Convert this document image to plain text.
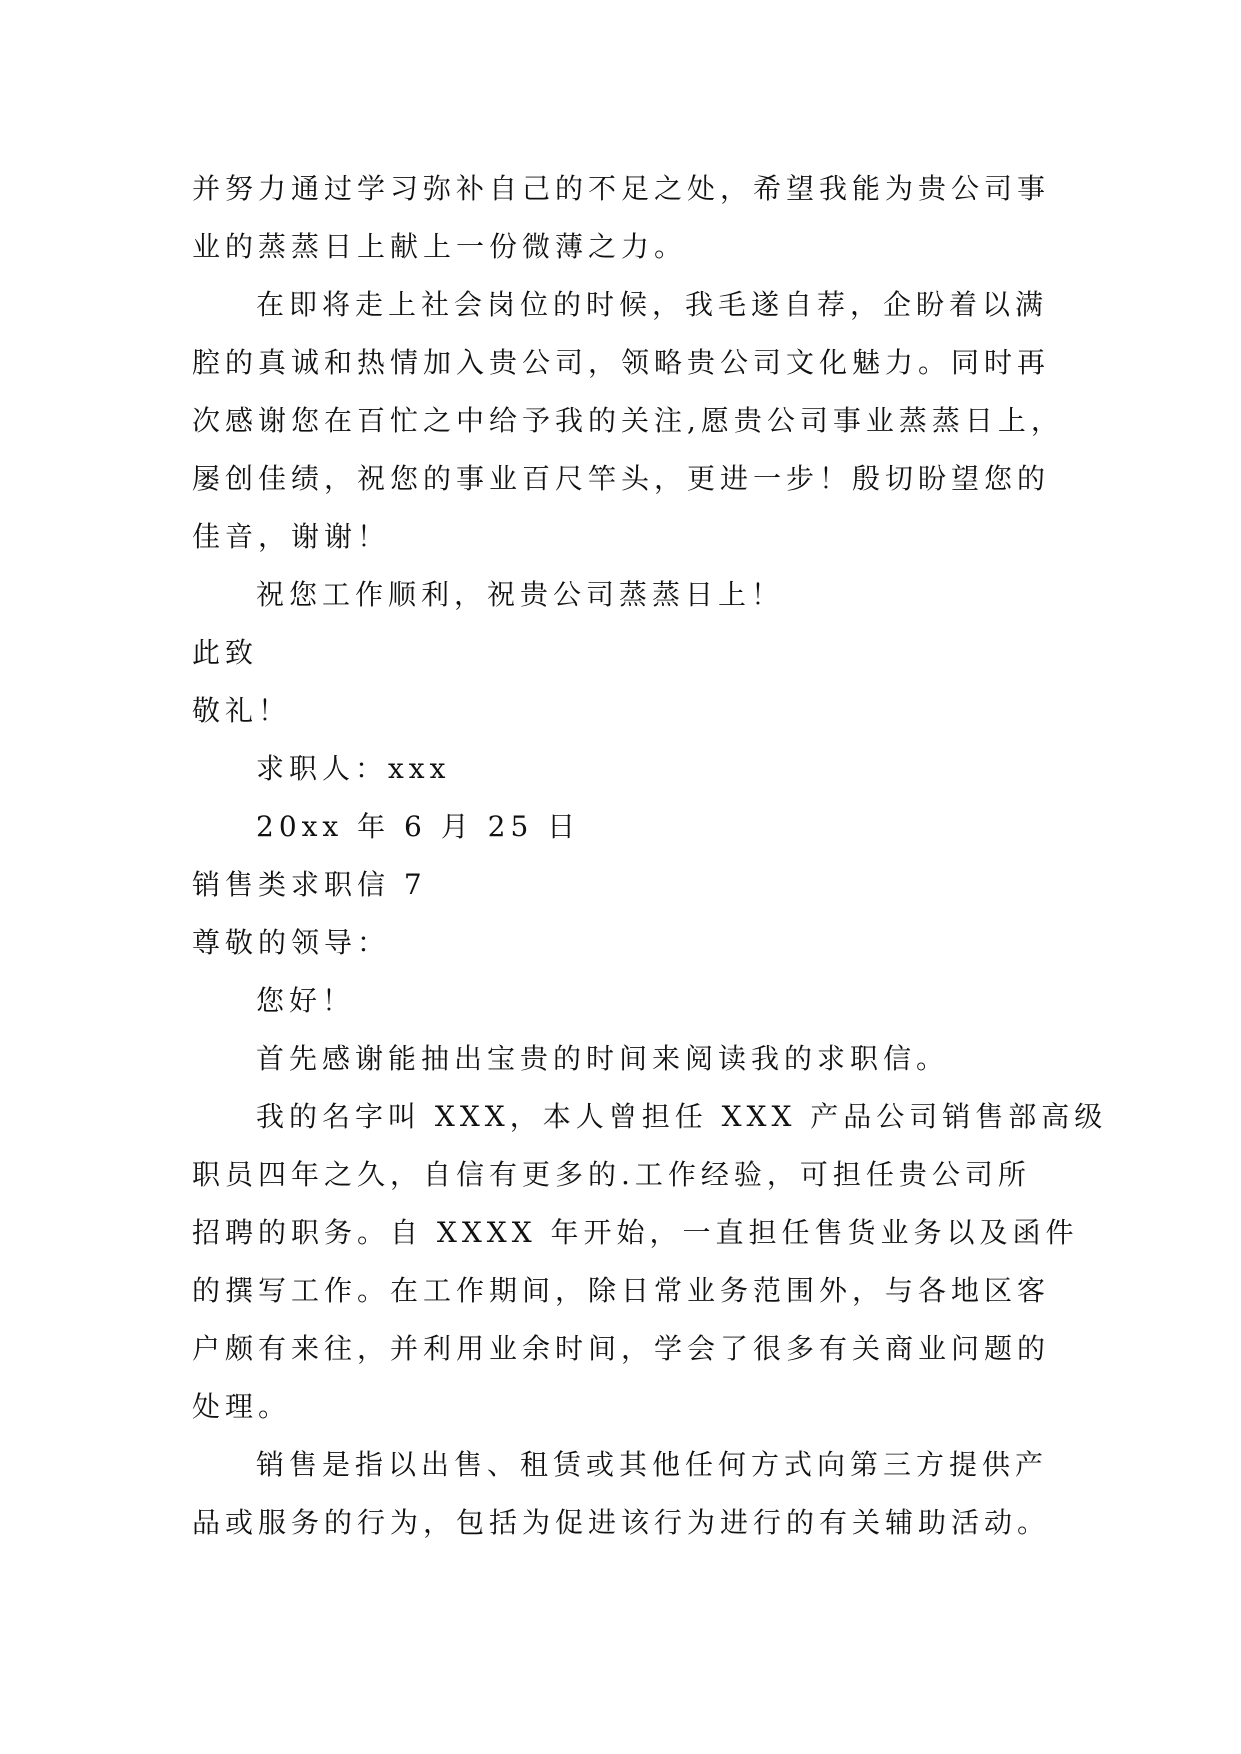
并努力通过学习弥补自己的不足之处，希望我能为贵公司事
业的蒸蒸日上献上一份微薄之力。
在即将走上社会岗位的时候，我毛遂自荐，企盼着以满
腔的真诚和热情加入贵公司，领略贵公司文化魅力。同时再
次感谢您在百忙之中给予我的关注,愿贵公司事业蒸蒸日上，
屡创佳绩，祝您的事业百尺竿头，更进一步！殷切盼望您的
佳音，谢谢！
祝您工作顺利，祝贵公司蒸蒸日上！
此致
敬礼！
求职人：xxx
20xx 年 6 月 25 日
销售类求职信 7
尊敬的领导：
您好！
首先感谢能抽出宝贵的时间来阅读我的求职信。
我的名字叫 XXX，本人曾担任 XXX 产品公司销售部高级
职员四年之久，自信有更多的.工作经验，可担任贵公司所
招聘的职务。自 XXXX 年开始，一直担任售货业务以及函件
的撰写工作。在工作期间，除日常业务范围外，与各地区客
户颇有来往，并利用业余时间，学会了很多有关商业问题的
处理。
销售是指以出售、租赁或其他任何方式向第三方提供产
品或服务的行为，包括为促进该行为进行的有关辅助活动。
